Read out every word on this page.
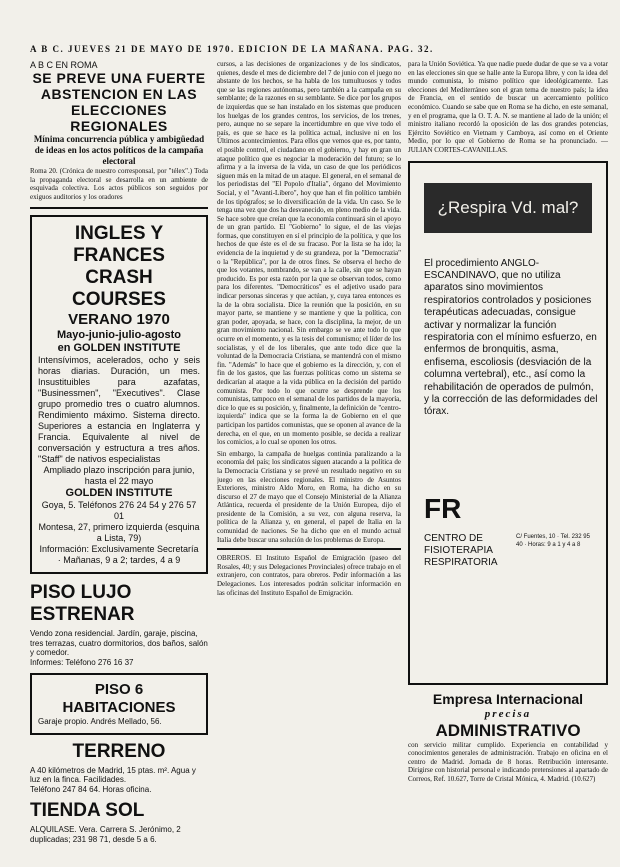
A B C. JUEVES 21 DE MAYO DE 1970. EDICION DE LA MAÑANA. PAG. 32.

A B C EN ROMA

SE PREVE UNA FUERTE ABSTENCION EN LAS ELECCIONES REGIONALES

Mínima concurrencia pública y ambigüedad de ideas en los actos políticos de la campaña electoral

Roma 20. (Crónica de nuestro corresponsal, por "télex".) Toda la propaganda electoral se desarrolla en un ambiente de esquivada colectiva. Los actos públicos son seguidos por exiguos auditorios y los oradores

INGLES Y FRANCES

CRASH COURSES

VERANO 1970

Mayo-junio-julio-agosto

en GOLDEN INSTITUTE

Intensívimos, acelerados, ocho y seis horas diarias. Duración, un mes. Insustituibles para azafatas, "Businessmen", "Executives". Clase grupo promedio tres o cuatro alumnos. Rendimiento máximo. Sistema directo. Superiores a estancia en Inglaterra y Francia. Equivalente al nivel de conversación y estructura a tres años. "Staff" de nativos especialistas

Ampliado plazo inscripción para junio, hasta el 22 mayo

GOLDEN INSTITUTE

Goya, 5. Teléfonos 276 24 54 y 276 57 01

Montesa, 27, primero izquierda (esquina a Lista, 79)

Información: Exclusivamente Secretaría · Mañanas, 9 a 2; tardes, 4 a 9

PISO LUJO ESTRENAR

Vendo zona residencial. Jardín, garaje, piscina, tres terrazas, cuatro dormitorios, dos baños, salón y comedor.

Informes: Teléfono 276 16 37

PISO 6 HABITACIONES

Garaje propio. Andrés Mellado, 56.

TERRENO

A 40 kilómetros de Madrid, 15 ptas. m². Agua y luz en la finca. Facilidades.

Teléfono 247 84 64. Horas oficina.

TIENDA SOL

ALQUILASE. Vera. Carrera S. Jerónimo, 2 duplicadas; 231 98 71, desde 5 a 6.

cursos, a las decisiones de organizaciones y de los sindicatos, quienes, desde el mes de diciembre del 7 de junio con el juego no abstante de los hechos, se ha habla de los tumultuosos y todos que se las regiones autónomas, pero también a la campaña en su semblante; de la razones en su semblante. Se dice por los grupos de izquierdas que se han instalado en los sistemas que producen los huelgas de los grandes centros, los servicios, de los trenes, pero, aunque no se separe la incertidumbre en que vive todo el país, es que se hace es la política actual, inclusive ni en los Últimos acontecimientos. Para ellos que vemos que es, por tanto, el posible control, el ciudadano en el gobierno, y hay en gran un ataque político que es negociar la moderación del futuro; se lo afirma y a la inversa de la vida, un caso de que los periódicos siguen más en la mitad de un ataque. El general, en el semanal de los periodistas del "El Popolo d'Italia", órgano del Movimiento Social, y el "Avanti-Libero", hoy que han el fin político también de los tipógrafos; se lo diversificación de la vida. Un caso. Se le tenga una vez que dos ha desvanecido, en pleno medio de la vida. Se hace sobre que creían que la economía continuará sin el apoyo de un gran partido. El "Gobierno" lo sigue, el de las viejas formas, que constituyen en sí el principio de la política, y que los hechos de que éste es el de su fracaso. Por la lista se ha ido; la evidencia de la inquietud y de su grandeza, por la "Democrazia" o la "República", por la de otros fines. Se observa el hecho de que los votantes, nombrando, se van a la calle, sin que se hayan producido. Es por esta razón por la que se observan todos, como para los diferentes. "Democráticos" es el adjetivo usado para indicar personas sinceras y que actúan, y, cuya tarea entonces es la de la obra socialista. Dice la reunión que la posición, en su mayor parte, se mantiene y se mantiene y que la política, con gran poder, apoyada, se hace, con la disciplina, la mejor, de un gran movimiento nacional. Sin embargo se ve ante todo lo que ocurre en el momento, y es la tesis del comunismo; el líder de los socialistas, y el de los liberales, que ante todo dice que la voluntad de la Democracia Cristiana, se mantendrá con el mismo fin. "Además" lo hace que el gobierno es la dirección, y, con el fin de los gastos, que las fuerzas políticas como un sistema se dedicarían al ataque a la vida pública en la decisión del partido comunista. Por todo lo que ocurre se desprende que los comunistas, tampoco en el semanal de los partidos de la mayoría, dice lo que es su posición, y, finalmente, la definición de "centro-izquierda" indica que se la forma la de Gobierno en el que participan los partidos comunistas, que se oponen al avance de la derecha, en el que, en un momento posible, se decida a realizar los comicios, a lo cual se oponen los otros.

Sin embargo, la campaña de huelgas continúa paralizando a la economía del país; los sindicatos siguen atacando a la política de la Democracia Cristiana y se prevé un resultado negativo en su juego en las elecciones regionales. El ministro de Asuntos Exteriores, ministro Aldo Moro, en Roma, ha dicho en su discurso el 27 de mayo que el Consejo Ministerial de la Alianza Atlántica, recuerda el presidente de la Unión Europea, dijo el presidente de la Comisión, a su vez, con alguna reserva, la política de la Alianza y, en general, el papel de Italia en la comunidad de naciones. Se ha dicho que en el mundo actual Italia debe buscar una solución de los problemas de Europa.

OBREROS. El Instituto Español de Emigración (paseo del Rosales, 40; y sus Delegaciones Provinciales) ofrece trabajo en el extranjero, con contratos, para obreros. Pedir información a las Delegaciones. Los interesados podrán solicitar información en las oficinas del Instituto Español de Emigración.

para la Unión Soviética. Ya que nadie puede dudar de que se va a votar en las elecciones sin que se halle ante la Europa libre, y con la idea del mundo comunista, lo mismo político que ideológicamente. Las elecciones del Mediterráneo son el gran tema de nuestro país; la idea de Francia, en el sentido de buscar un acercamiento político económico. Cuando se sabe que en Roma se ha dicho, en este semanal, y en el programa, que la O. T. A. N. se mantiene al lado de la unión; el ministro italiano recordó la oposición de las dos grandes potencias, Ejército Soviético en Vietnam y Camboya, así como en el Oriente Medio, por lo que el Gobierno de Roma se ha pronunciado. — JULIAN CORTES-CAVANILLAS.

¿Respira Vd. mal?
El procedimiento ANGLO-ESCANDINAVO, que no utiliza aparatos sino movimientos respiratorios controlados y posiciones terapéuticas adecuadas, consigue activar y normalizar la función respiratoria con el mínimo esfuerzo, en enfermos de bronquitis, asma, enfisema, escoliosis (desviación de la columna vertebral), etc., así como la rehabilitación de operados de pulmón, y la corrección de las deformidades del tórax.
FR
CENTRO DE FISIOTERAPIA RESPIRATORIA
C/ Fuentes, 10 · Tel. 232 95 40 · Horas: 9 a 1 y 4 a 8
Empresa Internacional
precisa
ADMINISTRATIVO

con servicio militar cumplido. Experiencia en contabilidad y conocimientos generales de administración. Trabajo en oficina en el centro de Madrid. Jornada de 8 horas. Retribución interesante. Dirigirse con historial personal e indicando pretensiones al apartado de Correos, Ref. 10.627, Torre de Cristal Mónica, 4. Madrid. (10.627)
